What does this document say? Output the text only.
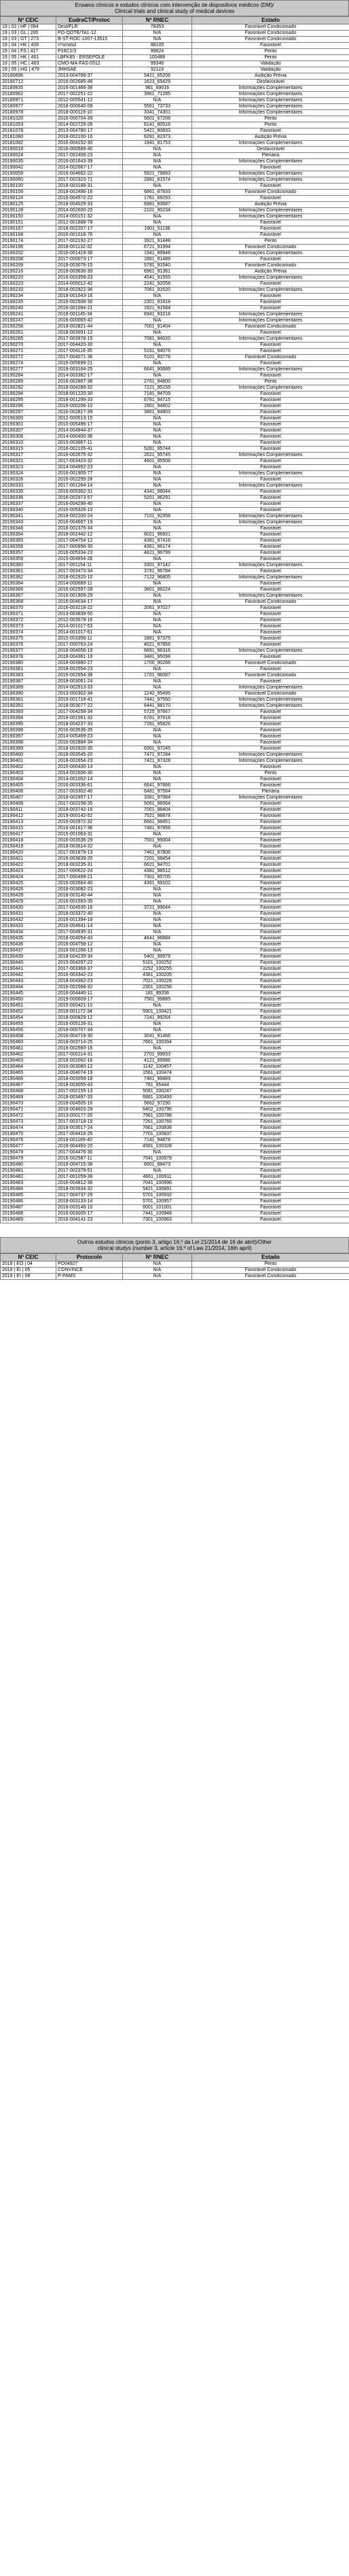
Ensaios clínicos e estudos clínicos com intervenção de dispositivos médicos (DM)/
Clinical trials and clinical study of medical devices
Nº CEIC	EudraCT/Protoc	Nº RNEC	Estado
19 | 02 | HF | 094	Dest/FLR	78353	Favorável Condicionado
19 | 03 | GL | 200	PO-QOTE/TA1-12	N/A	Favorável Condicionado
19 | 03 | GT | 273	B-ST-ROC-1007-13515	N/A	Favorável Condicionado
19 | 04 | HK | 409	nºsmdsd	98105	Favorável
19 | 04 | FS | 417	P16C1/3	99824	Pento
19 | 05 | HK | 461	LBFK85 - ERSEPOLE	100488	Pento
19 | 05 | HC | 463	CMO-MA-FAS-0512	99346	Validação
19 | 05 | HG | 479	JHHSAE	92119	Validação
20180696	2013-004768-37	5421_65206	Audição Prévia
20180712	2016-002685-48	1623_65429	Desfavorável
20180835	2016-001466-38	981_69016	Informações Complementares
20180962	2017-002251-22	3961_71285	Informações Complementares
20180971	2012-005541-12	N/A	Informações Complementares
20180977	2018-000640-09	5561_73733	Informações Complementares
20180978	2018-000119-10	3341_74301	Informações Complementares
20181020	2016-000704-39	5601_67208	Pento
20181053	2014-002725-26	6141_80516	Pento
20181078	2013-004780-17	5421_80833	Favorável
20181080	2018-002100-16	6281_82373	Audição Prévia
20181082	2016-004152-30	1941_81753	Informações Complementares
20190018	2016-000589-40	N/A	Desfavorável
20190024	2017-002408-23	N/A	Plenária
20190035	2016-001643-39	N/A	Informações Complementares
20190042	2014-002667-17	N/A	Favorável
20190059	2016-004662-22	5921_79893	Informações Complementares
20190060	2017-002323-71	2881_81574	Informações Complementares
20190100	2018-003188-31	N/A	Favorável
20190106	2018-002496-16	6861_87833	Favorável Condicionado
20190124	2016-004572-22	1761_69293	Favorável
20190125	2018-004029-33	6981_93687	Audição Prévia
20190128	2014-002600-20	2101_90234	Informações Complementares
20190150	2014-000151-32	N/A	Informações Complementares
20190151	2012-001888-78	N/A	Favorável
20190167	2016-002207-17	1901_51138	Favorável
20190168	2016-001018-76	N/A	Favorável
20190174	2017-002192-27	3921_91448	Pento
20190196	2018-001132-32	6721_91994	Favorável Condicionado
20190202	2016-001419-38	1941_89948	Informações Complementares
20190208	2017-000073-17	1881_91489	Favorável
20190209	2018-003076-15	5781_91540	Favorável Condicionado
20190216	2018-003636-39	6961_91361	Audição Prévia
20190220	2016-003359-23	4541_91555	Informações Complementares
20190223	2014-005012-42	2241_92058	Favorável
20190233	2018-002922-36	7061_91620	Informações Complementares
20190234	2018-001043-16	N/A	Favorável
20190235	2016-002508-30	2301_91818	Favorável
20190240	2016-001094-21	1921_91584	Favorável
20190241	2018-001145-34	6941_93218	Informações Complementares
20190247	2016-000065-42	N/A	Informações Complementares
20190258	2018-002821-44	7001_91404	Favorável Condicionado
20190261	2018-003091-12	N/A	Favorável
20190265	2017-003978-15	7081_94020	Informações Complementares
20190270	2017-004420-30	N/A	Favorável
20190271	2017-004118-35	5161_94076	Favorável
20190272	2017-004071-36	5101_93778	Favorável Condicionado
20190274	2016-005699-21	N/A	Favorável
20190277	2018-003164-25	6641_90689	Informações Complementares
20190284	2014-003382-17	N/A	Favorável
20190289	2016-002867-38	2761_94800	Pento
20190292	2018-004289-32	7221_95159	Informações Complementares
20190294	2018-001220-30	7181_94709	Favorável
20190295	2018-001299-33	6781_94715	Favorável
20190296	2016-000206-10	1901_94802	Favorável
20190297	2016-002817-39	3861_94803	Favorável
20190300	2012-000513-15	N/A	Favorável
20190301	2010-005496-17	N/A	Favorável
20190307	2014-004944-37	N/A	Favorável
20190308	2014-000400-36	N/A	Favorável
20190310	2015-003667-11	N/A	Favorável
20190315	2016-002105-41	5281_95744	Favorável
20190317	2016-002675-32	2621_95745	Informações Complementares
20190321	2017-003423-32	4601_95508	Favorável
20190323	2014-004952-23	N/A	Favorável
20190324	2016-001905-77	N/A	Informações Complementares
20190326	2016-002299-28	N/A	Favorável
20190333	2017-001264-14	N/A	Informações Complementares
20190335	2016-005362-31	4341_96044	Favorável
20190336	2016-002973-57	5201_96291	Favorável
20190337	2016-004298-40	N/A	Favorável
20190340	2016-005326-10	N/A	Favorável
20190341	2018-002200-24	7101_92358	Informações Complementares
20190343	2016-004667-19	N/A	Informações Complementares
20190346	2016-002376-34	N/A	Favorável
20190354	2018-002442-12	6021_96931	Favorável
20190355	2017-004754-12	4381_97416	Favorável
20190356	2017-000956-30	4361_96174	Favorável
20190357	2016-005334-23	4821_96799	Favorável
20190359	2015-004854-26	N/A	Favorável
20190360	2017-001154-11	3301_97142	Informações Complementares
20190361	2017-003473-34	3781_96784	Favorável
20190362	2018-002920-10	7122_96805	Informações Complementares
20190364	2014-000689-11	N/A	Favorável
20190366	2016-002597-28	3801_96224	Favorável
20190367	2016-001909-29	N/A	Informações Complementares
20190368	2016-004034-17	N/A	Favorável Condicionado
20190370	2016-003218-22	2061_97027	Favorável
20190371	2013-003839-50	N/A	Favorável
20190372	2012-003578-16	N/A	Favorável
20190373	2014-001017-53	N/A	Favorável
20190374	2014-001017-61	N/A	Favorável
20190375	2015-003356-11	1881_97375	Favorável
20190376	2017-000763-24	4021_97856	Favorável
20190377	2018-004056-19	6891_96316	Informações Complementares
20190378	2018-004361-19	3481_95098	Favorável
20190380	2018-003980-27	1700_90288	Favorável Condicionado
20190381	2018-002554-23	N/A	Favorável
20190383	2016-002654-38	1701_96087	Favorável Condicionado
20190387	2018-003061-24	N/A	Favorável
20190389	2014-002913-33	N/A	Informações Complementares
20190390	2013-000302-34	1242_95495	Favorável Condicionado
20190391	2019-001718-41	7441_97550	Informações Complementares
20190392	2018-003077-22	6441_98170	Informações Complementares
20190393	2017-004258-34	5725_97667	Favorável
20190394	2018-001561-32	6781_97918	Favorável
20190395	2018-004237-33	7281_95826	Favorável
20190396	2016-003536-35	N/A	Favorável
20190397	2014-005469-23	N/A	Favorável
20190398	2016-002884-34	N/A	Favorável
20190399	2018-002920-35	6301_97245	Favorável
20190400	2018-003545-20	7471_97284	Informações Complementares
20190401	2018-002654-23	7421_97328	Informações Complementares
20190402	2015-000430-14	N/A	Favorável
20190403	2014-002606-30	N/A	Pento
20190404	2014-001002-14	N/A	Favorável
20190405	2016-003336-61	6641_97866	Favorável
20190406	2017-003302-40	6481_97564	Plenária
20190407	2018-002957-17	3361_97984	Informações Complementares
20190408	2017-002158-35	5061_98564	Favorável
20190411	2018-003742-16	7001_98404	Favorável
20190412	2019-000142-52	7521_98878	Favorável
20190413	2016-002972-32	6661_98451	Favorável
20190415	2016-001617-36	7481_97856	Favorável
20190417	2015-001063-31	N/A	Favorável
20190418	2016-003536-29	7501_99004	Favorável
20190419	2018-003614-32	N/A	Favorável
20190420	2017-001879-13	7461_97806	Favorável
20190421	2016-003639-20	7201_98454	Favorável
20190422	2018-003235-31	6621_94701	Favorável
20190423	2017-000622-24	4381_98512	Favorável
20190424	2017-000499-21	7301_95705	Favorável
20190425	2016-002664-40	4361_99102	Favorável
20190426	2018-003082-23	N/A	Favorável
20190428	2018-003140-44	N/A	Favorável
20190429	2016-001593-35	N/A	Favorável
20190430	2017-004535-16	3721_99644	Favorável
20190431	2018-003372-40	N/A	Favorável
20190432	2016-001394-18	N/A	Favorável
20190433	2016-004641-14	N/A	Favorável
20190434	2017-004935-31	N/A	Favorável
20190435	2018-004054-43	4641_96884	Favorável
20190436	2016-004758-12	N/A	Favorável
20190437	2018-001266-13	N/A	Favorável
20190439	2018-004239-34	5401_99979	Favorável
20190440	2015-004297-22	5101_100252	Favorável
20190441	2017-003369-37	2252_100255	Favorável
20190442	2016-003342-23	4381_100205	Favorável
20190443	2018-004362-23	7021_100228	Favorável
20190444	2016-002568-32	2301_100256	Favorável
20190445	2016-004440-11	181_99206	Favorável
20190450	2019-000609-17	7561_99885	Favorável
20190451	2015-000421-10	N/A	Favorável
20190452	2018-001172-34	5901_100421	Favorável
20190454	2018-000829-12	7241_99264	Favorável
20190455	2016-005126-31	N/A	Favorável
20190456	2018-000707-34	N/A	Favorável
20190458	2016-004719-30	3041_91466	Favorável
20190460	2018-003714-25	7661_100394	Favorável
20190461	2016-002560-16	N/A	Favorável
20190462	2017-000214-31	2701_99933	Favorável
20190463	2018-002062-16	4121_99986	Favorável
20190464	2016-003080-12	1142_100457	Favorável
20190465	2016-004074-19	1561_100474	Favorável
20190466	2018-003059-18	7481_99889	Favorável
20190467	2018-003055-43	761_95444	Favorável
20190468	2017-002155-13	5081_100247	Favorável
20190469	2018-003497-33	6881_100493	Favorável
20190470	2018-004505-16	5662_97290	Favorável
20190471	2018-004603-29	6402_100795	Favorável
20190472	2013-000177-20	7561_100788	Favorável
20190473	2017-003718-19	7261_100765	Favorável
20190474	2018-003017-24	7661_100838	Favorável
20190475	2017-004416-25	7701_100837	Favorável
20190476	2018-001189-40	7141_94878	Favorável
20190477	2018-004493-20	4581_100328	Favorável
20190478	2017-004476-30	N/A	Favorável
20190479	2016-002587-11	7541_100979	Favorável
20190480	2016-004715-38	6901_88473	Favorável
20190481	2017-002379-51	N/A	Favorável
20190482	2017-001059-36	4661_100911	Favorável
20190483	2016-004812-36	7041_100996	Favorável
20190484	2018-003934-32	5421_100891	Favorável
20190485	2017-004737-29	5701_100932	Favorável
20190486	2018-003133-14	5701_100957	Favorável
20190487	2016-003146-10	6001_101001	Favorável
20190488	2016-003005-17	7441_100948	Favorável
20190489	2016-004141-23	7301_100963	Favorável
Outros estudos clínicos (ponto 3, artigo 16.º da Lei 21/2014 de 16 de abril)/Other
clinical studys (number 3, article 16.º of Law 21/2014, 16th april)
Nº CEIC	Protocolo	Nº RNEC	Estado
2019 | EO | 04	PO04927	N/A	Pento
2019 | EI | 05	CONVINCE	N/A	Favorável Condicionado
2019 | EI | 08	P-PAMS	N/A	Favorável Condicionado
